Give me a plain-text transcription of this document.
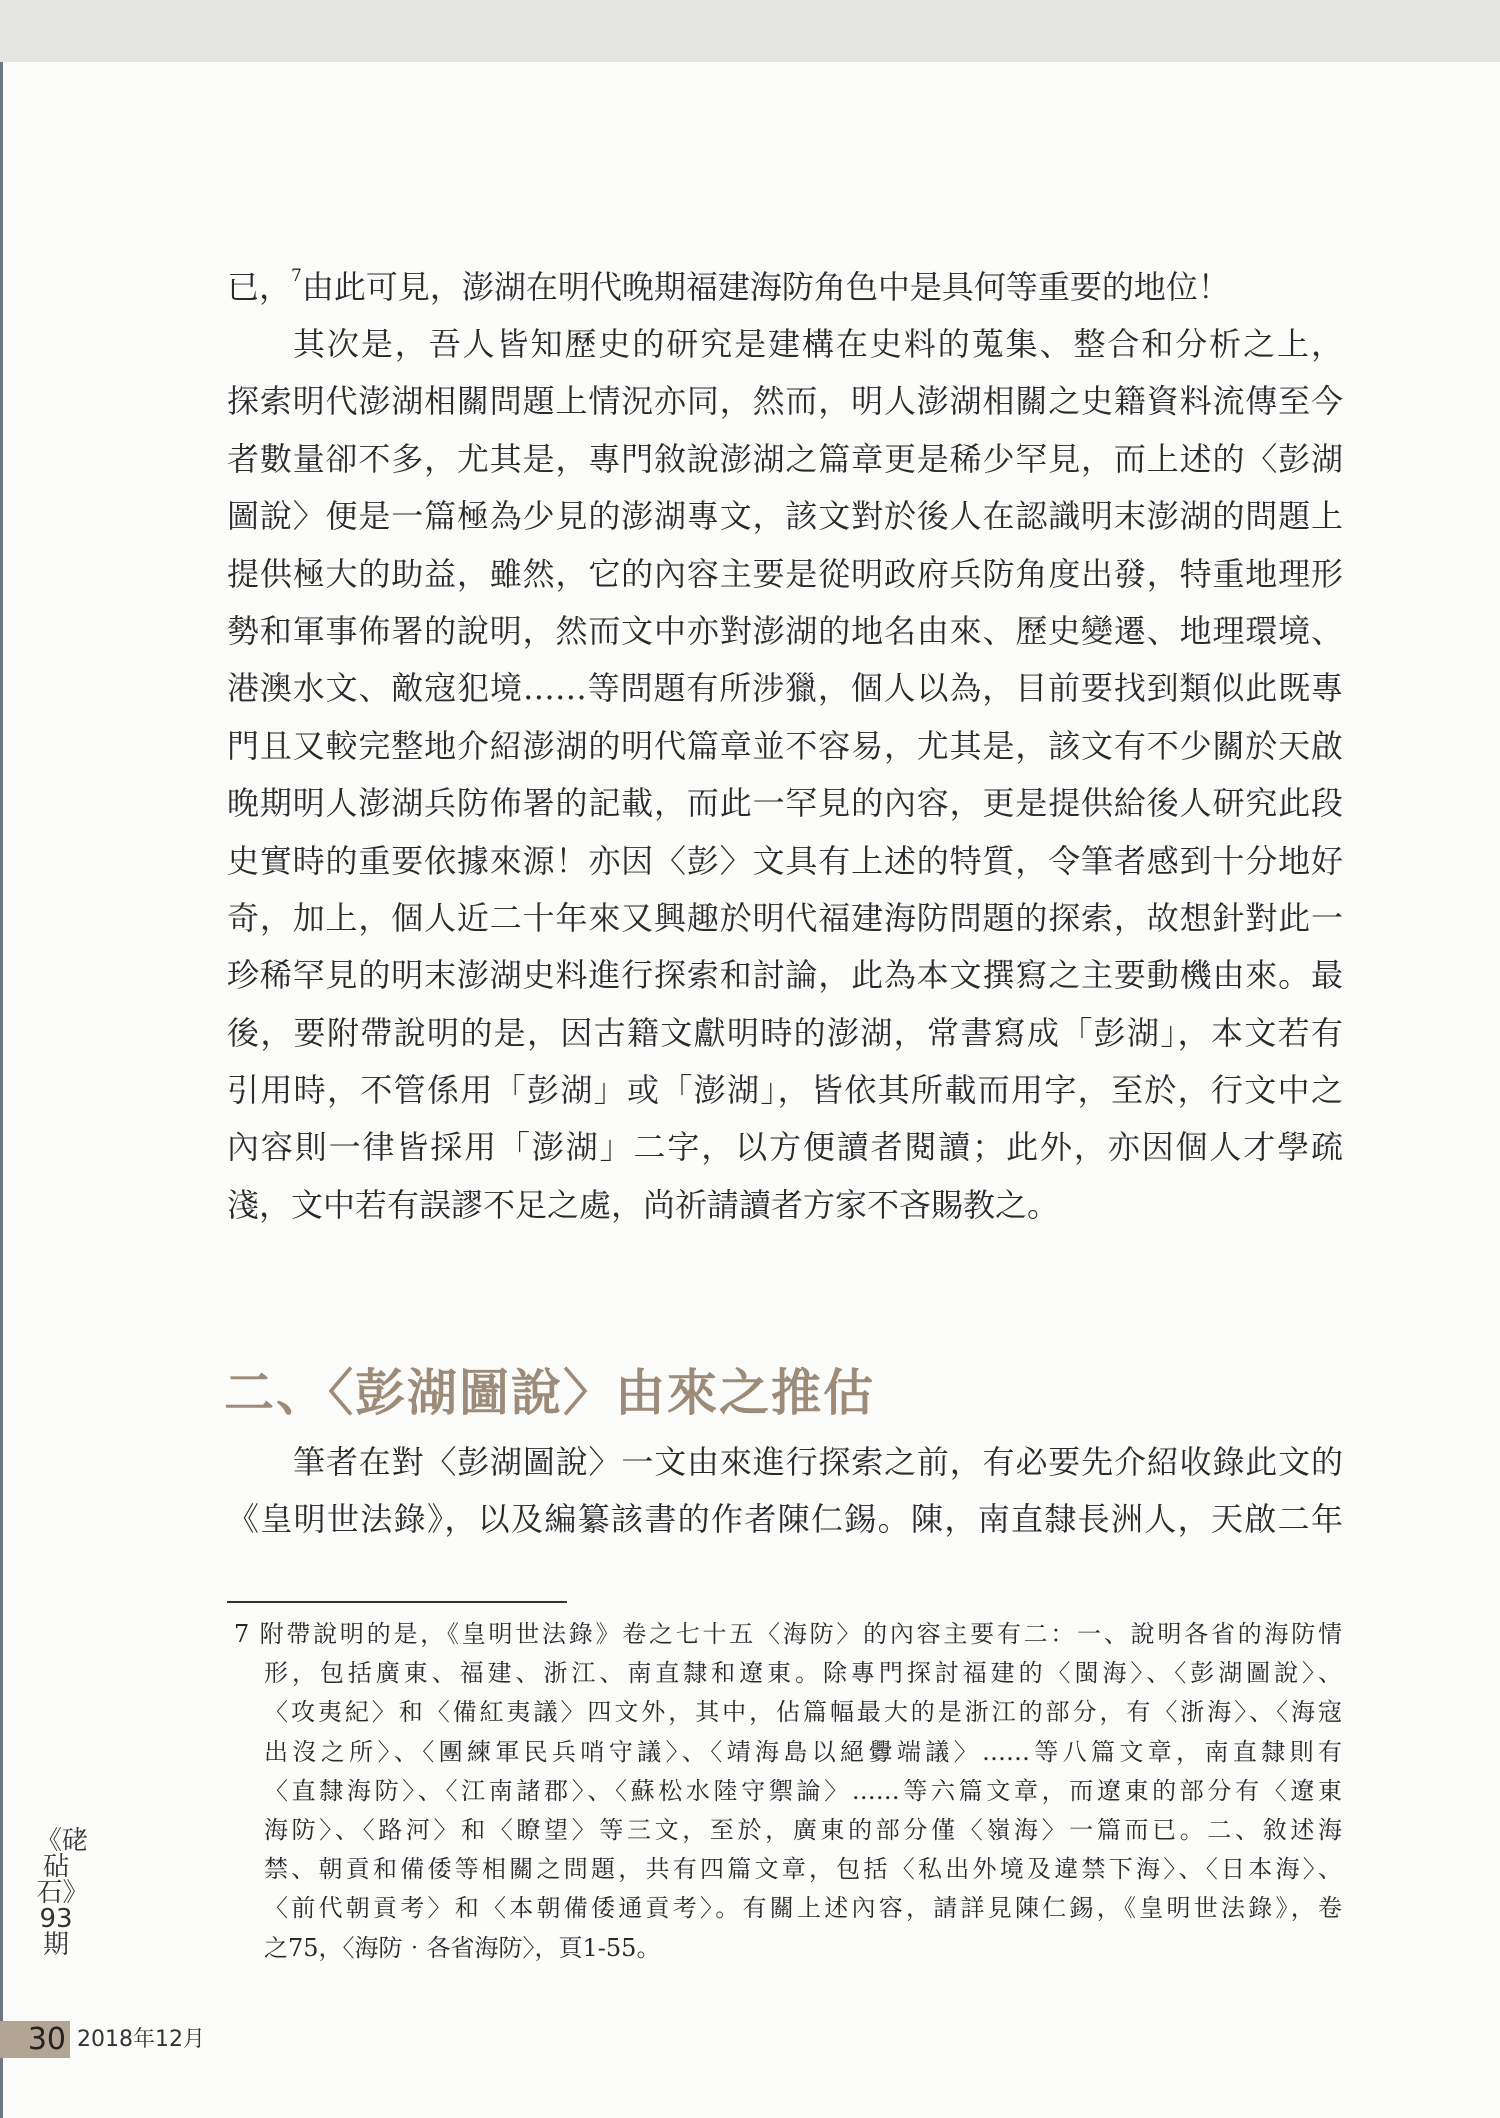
已，$^7$由此可見，澎湖在明代晚期福建海防角色中是具何等重要的地位！
其次是，吾人皆知歷史的研究是建構在史料的蒐集、整合和分析之上，
探索明代澎湖相關問題上情況亦同，然而，明人澎湖相關之史籍資料流傳至今
者數量卻不多，尤其是，專門敘說澎湖之篇章更是稀少罕見，而上述的〈彭湖
圖說〉便是一篇極為少見的澎湖專文，該文對於後人在認識明末澎湖的問題上
提供極大的助益，雖然，它的內容主要是從明政府兵防角度出發，特重地理形
勢和軍事佈署的說明，然而文中亦對澎湖的地名由來、歷史變遷、地理環境、
港澳水文、敵寇犯境……等問題有所涉獵，個人以為，目前要找到類似此既專
門且又較完整地介紹澎湖的明代篇章並不容易，尤其是，該文有不少關於天啟
晚期明人澎湖兵防佈署的記載，而此一罕見的內容，更是提供給後人研究此段
史實時的重要依據來源！亦因〈彭〉文具有上述的特質，令筆者感到十分地好
奇，加上，個人近二十年來又興趣於明代福建海防問題的探索，故想針對此一
珍稀罕見的明末澎湖史料進行探索和討論，此為本文撰寫之主要動機由來。最
後，要附帶說明的是，因古籍文獻明時的澎湖，常書寫成「彭湖」，本文若有
引用時，不管係用「彭湖」或「澎湖」，皆依其所載而用字，至於，行文中之
內容則一律皆採用「澎湖」二字，以方便讀者閱讀；此外，亦因個人才學疏
淺，文中若有誤謬不足之處，尚祈請讀者方家不吝賜教之。
二、〈彭湖圖說〉由來之推估
筆者在對〈彭湖圖說〉一文由來進行探索之前，有必要先介紹收錄此文的
《皇明世法錄》，以及編纂該書的作者陳仁錫。陳，南直隸長洲人，天啟二年
7 附帶說明的是，《皇明世法錄》卷之七十五〈海防〉的內容主要有二：一、說明各省的海防情
形，包括廣東、福建、浙江、南直隸和遼東。除專門探討福建的〈閩海〉、〈彭湖圖說〉、
〈攻夷紀〉和〈備紅夷議〉四文外，其中，佔篇幅最大的是浙江的部分，有〈浙海〉、〈海寇
出沒之所〉、〈團練軍民兵哨守議〉、〈靖海島以絕釁端議〉……等八篇文章，南直隸則有
〈直隸海防〉、〈江南諸郡〉、〈蘇松水陸守禦論〉……等六篇文章，而遼東的部分有〈遼東
海防〉、〈路河〉和〈瞭望〉等三文，至於，廣東的部分僅〈嶺海〉一篇而已。二、敘述海
禁、朝貢和備倭等相關之問題，共有四篇文章，包括〈私出外境及違禁下海〉、〈日本海〉、
〈前代朝貢考〉和〈本朝備倭通貢考〉。有關上述內容，請詳見陳仁錫，《皇明世法錄》，卷
之75，〈海防‧各省海防〉，頁1-55。
《硓砧石》93期
30 2018年12月
